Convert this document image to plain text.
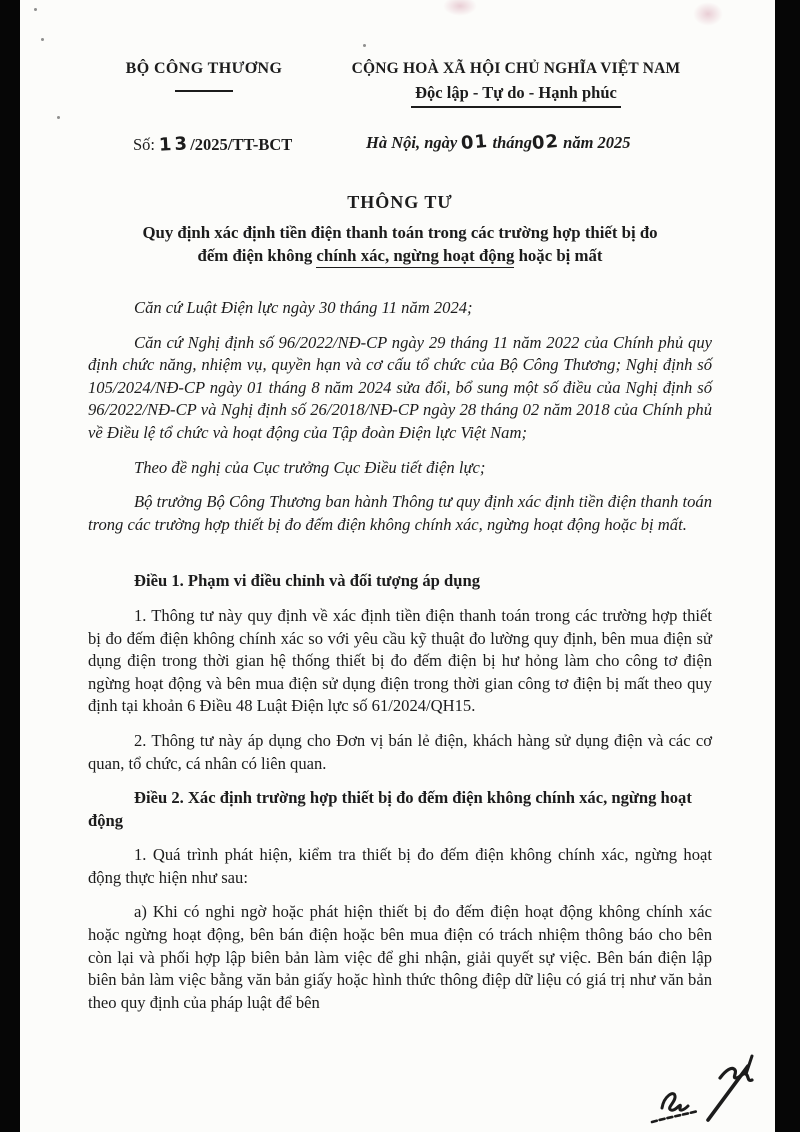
BỘ CÔNG THƯƠNG	CỘNG HOÀ XÃ HỘI CHỦ NGHĨA VIỆT NAM
Độc lập - Tự do - Hạnh phúc
Số: 13/2025/TT-BCT	Hà Nội, ngày 01 tháng02 năm 2025
THÔNG TƯ
Quy định xác định tiền điện thanh toán trong các trường hợp thiết bị đo
đếm điện không chính xác, ngừng hoạt động hoặc bị mất

Căn cứ Luật Điện lực ngày 30 tháng 11 năm 2024;

Căn cứ Nghị định số 96/2022/NĐ-CP ngày 29 tháng 11 năm 2022 của Chính phủ quy định chức năng, nhiệm vụ, quyền hạn và cơ cấu tổ chức của Bộ Công Thương; Nghị định số 105/2024/NĐ-CP ngày 01 tháng 8 năm 2024 sửa đổi, bổ sung một số điều của Nghị định số 96/2022/NĐ-CP và Nghị định số 26/2018/NĐ-CP ngày 28 tháng 02 năm 2018 của Chính phủ về Điều lệ tổ chức và hoạt động của Tập đoàn Điện lực Việt Nam;

Theo đề nghị của Cục trưởng Cục Điều tiết điện lực;

Bộ trưởng Bộ Công Thương ban hành Thông tư quy định xác định tiền điện thanh toán trong các trường hợp thiết bị đo đếm điện không chính xác, ngừng hoạt động hoặc bị mất.

Điều 1. Phạm vi điều chỉnh và đối tượng áp dụng

1. Thông tư này quy định về xác định tiền điện thanh toán trong các trường hợp thiết bị đo đếm điện không chính xác so với yêu cầu kỹ thuật đo lường quy định, bên mua điện sử dụng điện trong thời gian hệ thống thiết bị đo đếm điện bị hư hỏng làm cho công tơ điện ngừng hoạt động và bên mua điện sử dụng điện trong thời gian công tơ điện bị mất theo quy định tại khoản 6 Điều 48 Luật Điện lực số 61/2024/QH15.

2. Thông tư này áp dụng cho Đơn vị bán lẻ điện, khách hàng sử dụng điện và các cơ quan, tổ chức, cá nhân có liên quan.

Điều 2. Xác định trường hợp thiết bị đo đếm điện không chính xác, ngừng hoạt động

1. Quá trình phát hiện, kiểm tra thiết bị đo đếm điện không chính xác, ngừng hoạt động thực hiện như sau:

a) Khi có nghi ngờ hoặc phát hiện thiết bị đo đếm điện hoạt động không chính xác hoặc ngừng hoạt động, bên bán điện hoặc bên mua điện có trách nhiệm thông báo cho bên còn lại và phối hợp lập biên bản làm việc để ghi nhận, giải quyết sự việc. Bên bán điện lập biên bản làm việc bằng văn bản giấy hoặc hình thức thông điệp dữ liệu có giá trị như văn bản theo quy định của pháp luật để bên
